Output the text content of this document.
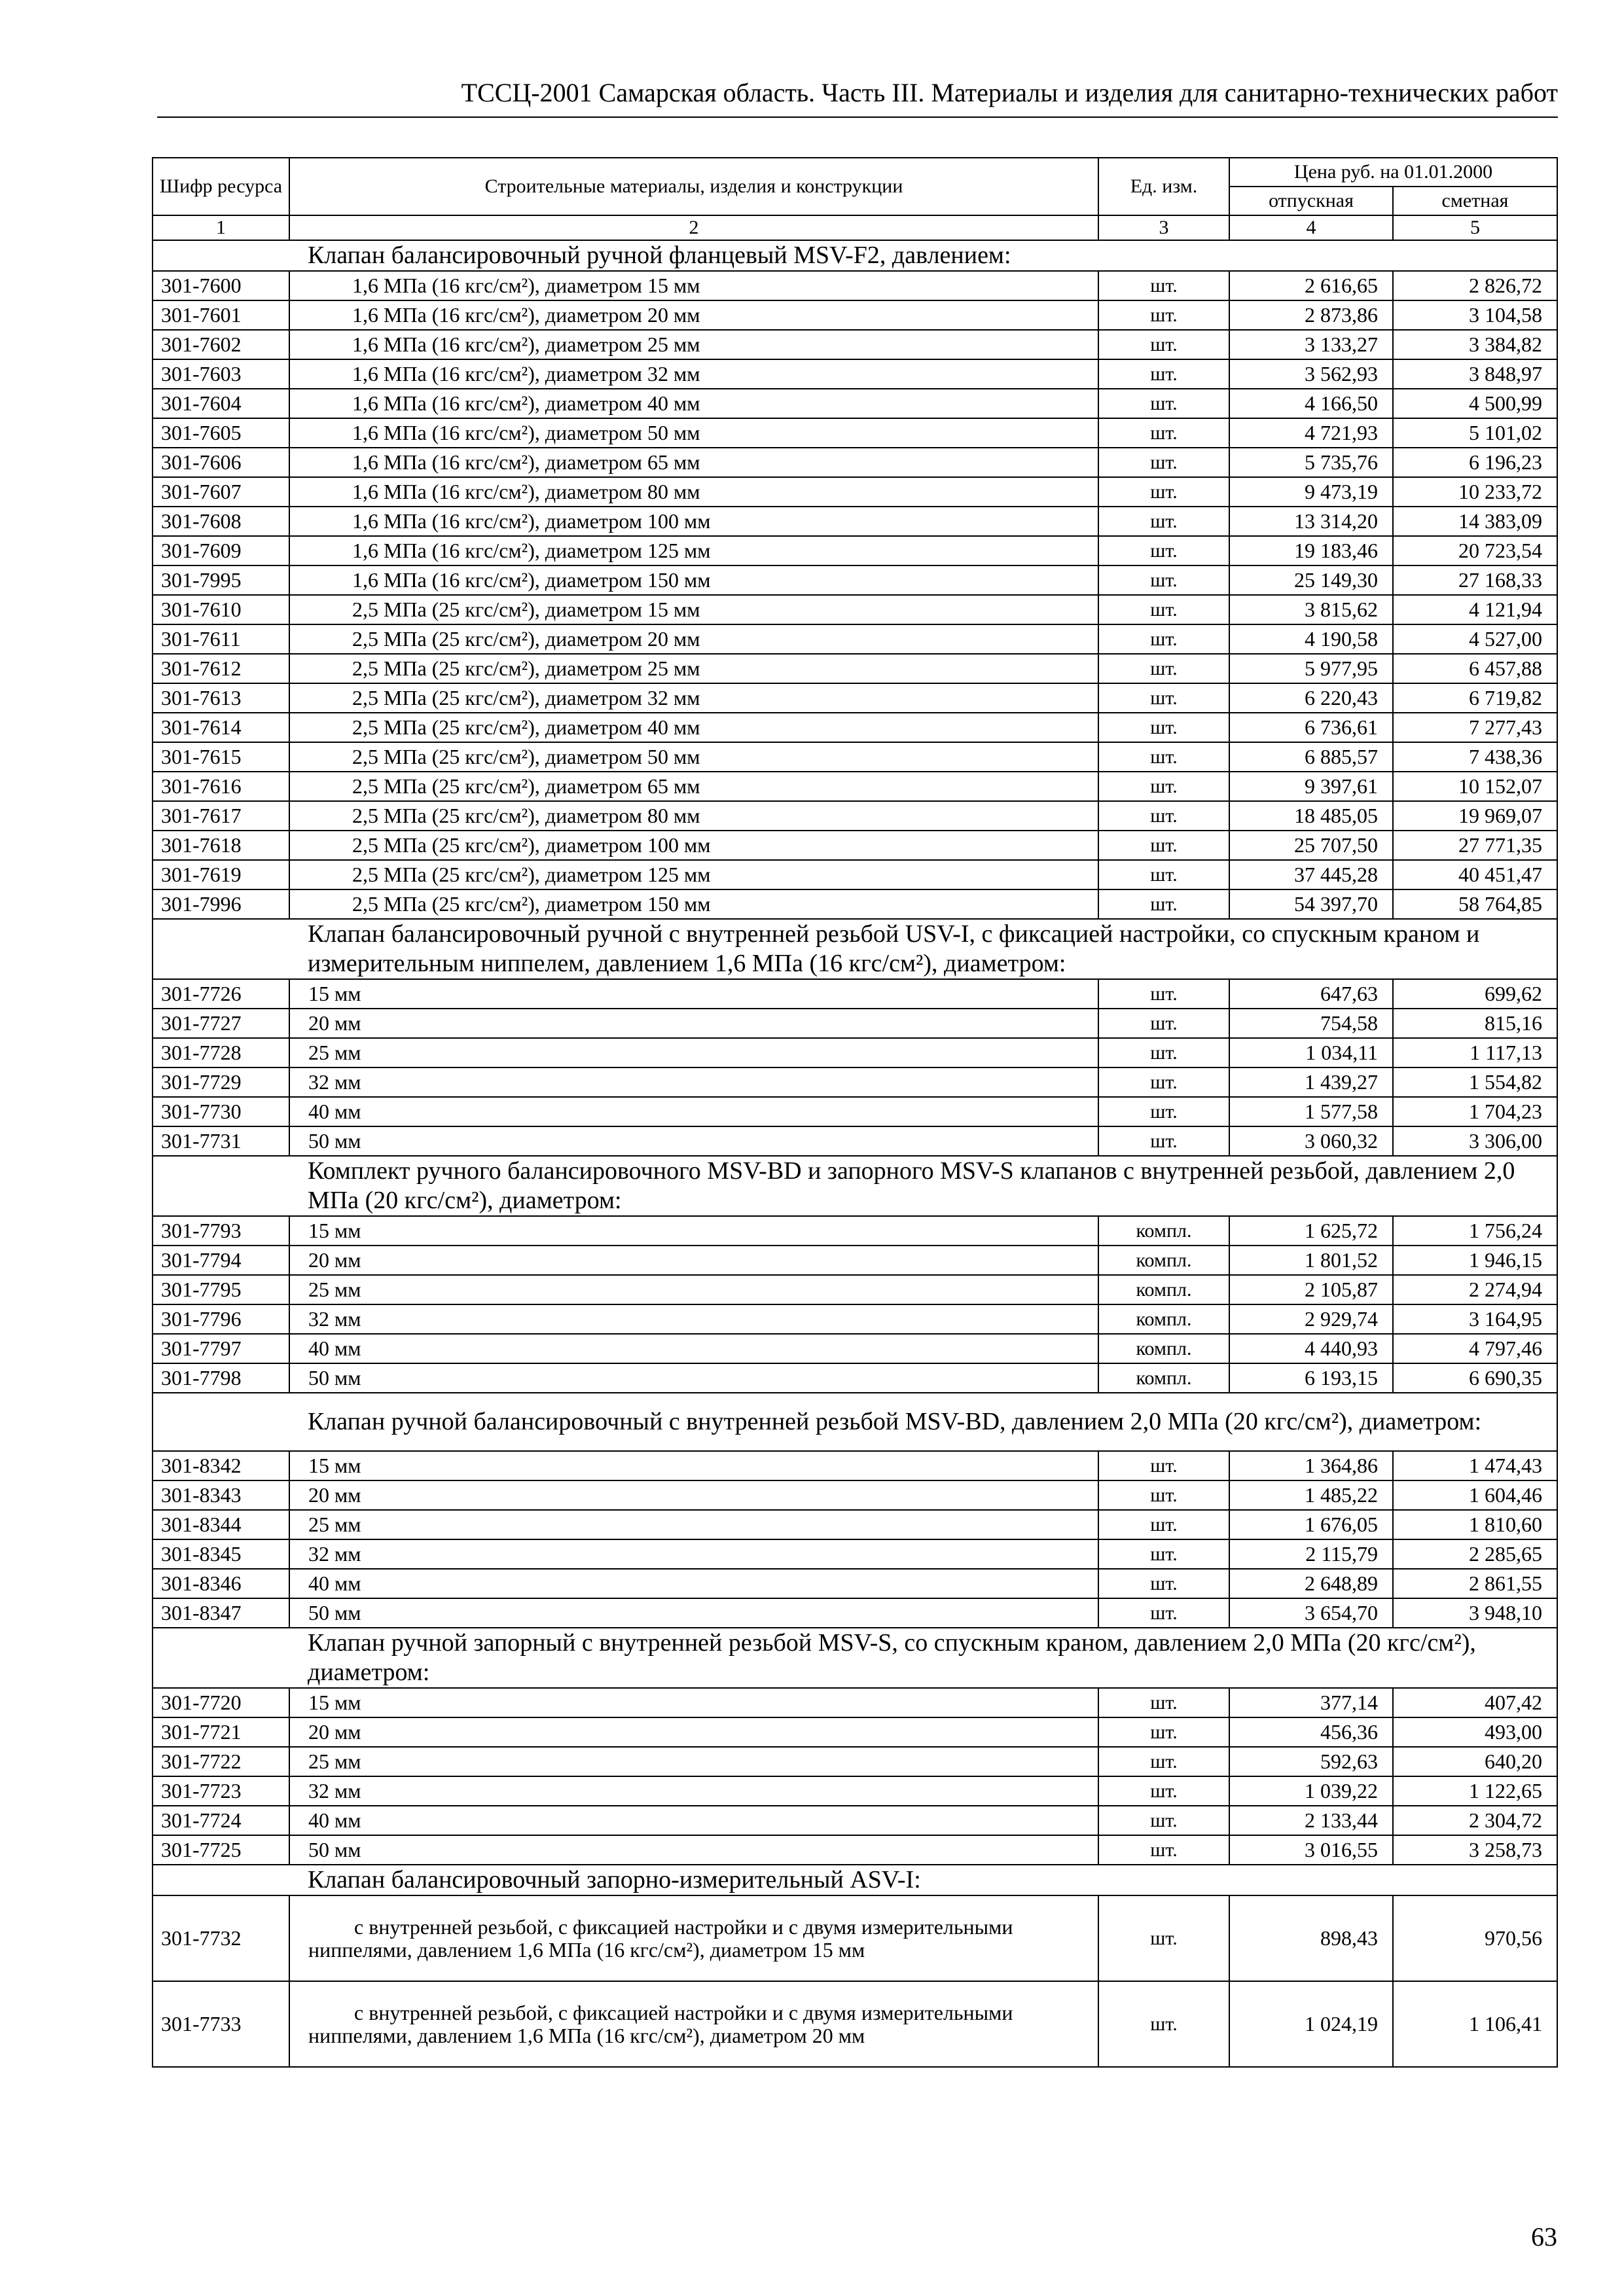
ТССЦ-2001 Самарская область. Часть III. Материалы и изделия для санитарно-технических работ
Шифр ресурса	Строительные материалы, изделия и конструкции	Ед. изм.	Цена руб. на 01.01.2000	
			отпускная	сметная
1	2	3	4	5
	Клапан балансировочный ручной фланцевый MSV-F2, давлением:			
301-7600	1,6 МПа (16 кгс/см²), диаметром 15 мм	шт.	2 616,65	2 826,72
301-7601	1,6 МПа (16 кгс/см²), диаметром 20 мм	шт.	2 873,86	3 104,58
301-7602	1,6 МПа (16 кгс/см²), диаметром 25 мм	шт.	3 133,27	3 384,82
301-7603	1,6 МПа (16 кгс/см²), диаметром 32 мм	шт.	3 562,93	3 848,97
301-7604	1,6 МПа (16 кгс/см²), диаметром 40 мм	шт.	4 166,50	4 500,99
301-7605	1,6 МПа (16 кгс/см²), диаметром 50 мм	шт.	4 721,93	5 101,02
301-7606	1,6 МПа (16 кгс/см²), диаметром 65 мм	шт.	5 735,76	6 196,23
301-7607	1,6 МПа (16 кгс/см²), диаметром 80 мм	шт.	9 473,19	10 233,72
301-7608	1,6 МПа (16 кгс/см²), диаметром 100 мм	шт.	13 314,20	14 383,09
301-7609	1,6 МПа (16 кгс/см²), диаметром 125 мм	шт.	19 183,46	20 723,54
301-7995	1,6 МПа (16 кгс/см²), диаметром 150 мм	шт.	25 149,30	27 168,33
301-7610	2,5 МПа (25 кгс/см²), диаметром 15 мм	шт.	3 815,62	4 121,94
301-7611	2,5 МПа (25 кгс/см²), диаметром 20 мм	шт.	4 190,58	4 527,00
301-7612	2,5 МПа (25 кгс/см²), диаметром 25 мм	шт.	5 977,95	6 457,88
301-7613	2,5 МПа (25 кгс/см²), диаметром 32 мм	шт.	6 220,43	6 719,82
301-7614	2,5 МПа (25 кгс/см²), диаметром 40 мм	шт.	6 736,61	7 277,43
301-7615	2,5 МПа (25 кгс/см²), диаметром 50 мм	шт.	6 885,57	7 438,36
301-7616	2,5 МПа (25 кгс/см²), диаметром 65 мм	шт.	9 397,61	10 152,07
301-7617	2,5 МПа (25 кгс/см²), диаметром 80 мм	шт.	18 485,05	19 969,07
301-7618	2,5 МПа (25 кгс/см²), диаметром 100 мм	шт.	25 707,50	27 771,35
301-7619	2,5 МПа (25 кгс/см²), диаметром 125 мм	шт.	37 445,28	40 451,47
301-7996	2,5 МПа (25 кгс/см²), диаметром 150 мм	шт.	54 397,70	58 764,85
	Клапан балансировочный ручной с внутренней резьбой USV-I, с фиксацией настройки, со спускным краном и измерительным ниппелем, давлением 1,6 МПа (16 кгс/см²), диаметром:			
301-7726	15 мм	шт.	647,63	699,62
301-7727	20 мм	шт.	754,58	815,16
301-7728	25 мм	шт.	1 034,11	1 117,13
301-7729	32 мм	шт.	1 439,27	1 554,82
301-7730	40 мм	шт.	1 577,58	1 704,23
301-7731	50 мм	шт.	3 060,32	3 306,00
	Комплект ручного балансировочного MSV-BD и запорного MSV-S клапанов с внутренней резьбой, давлением 2,0 МПа (20 кгс/см²), диаметром:			
301-7793	15 мм	компл.	1 625,72	1 756,24
301-7794	20 мм	компл.	1 801,52	1 946,15
301-7795	25 мм	компл.	2 105,87	2 274,94
301-7796	32 мм	компл.	2 929,74	3 164,95
301-7797	40 мм	компл.	4 440,93	4 797,46
301-7798	50 мм	компл.	6 193,15	6 690,35
	Клапан ручной балансировочный с внутренней резьбой MSV-BD, давлением 2,0 МПа (20 кгс/см²), диаметром:			
301-8342	15 мм	шт.	1 364,86	1 474,43
301-8343	20 мм	шт.	1 485,22	1 604,46
301-8344	25 мм	шт.	1 676,05	1 810,60
301-8345	32 мм	шт.	2 115,79	2 285,65
301-8346	40 мм	шт.	2 648,89	2 861,55
301-8347	50 мм	шт.	3 654,70	3 948,10
	Клапан ручной запорный с внутренней резьбой MSV-S, со спускным краном, давлением 2,0 МПа (20 кгс/см²), диаметром:			
301-7720	15 мм	шт.	377,14	407,42
301-7721	20 мм	шт.	456,36	493,00
301-7722	25 мм	шт.	592,63	640,20
301-7723	32 мм	шт.	1 039,22	1 122,65
301-7724	40 мм	шт.	2 133,44	2 304,72
301-7725	50 мм	шт.	3 016,55	3 258,73
	Клапан балансировочный запорно-измерительный ASV-I:			
301-7732	с внутренней резьбой, с фиксацией настройки и с двумя измерительными ниппелями, давлением 1,6 МПа (16 кгс/см²), диаметром 15 мм	шт.	898,43	970,56
301-7733	с внутренней резьбой, с фиксацией настройки и с двумя измерительными ниппелями, давлением 1,6 МПа (16 кгс/см²), диаметром 20 мм	шт.	1 024,19	1 106,41
63
